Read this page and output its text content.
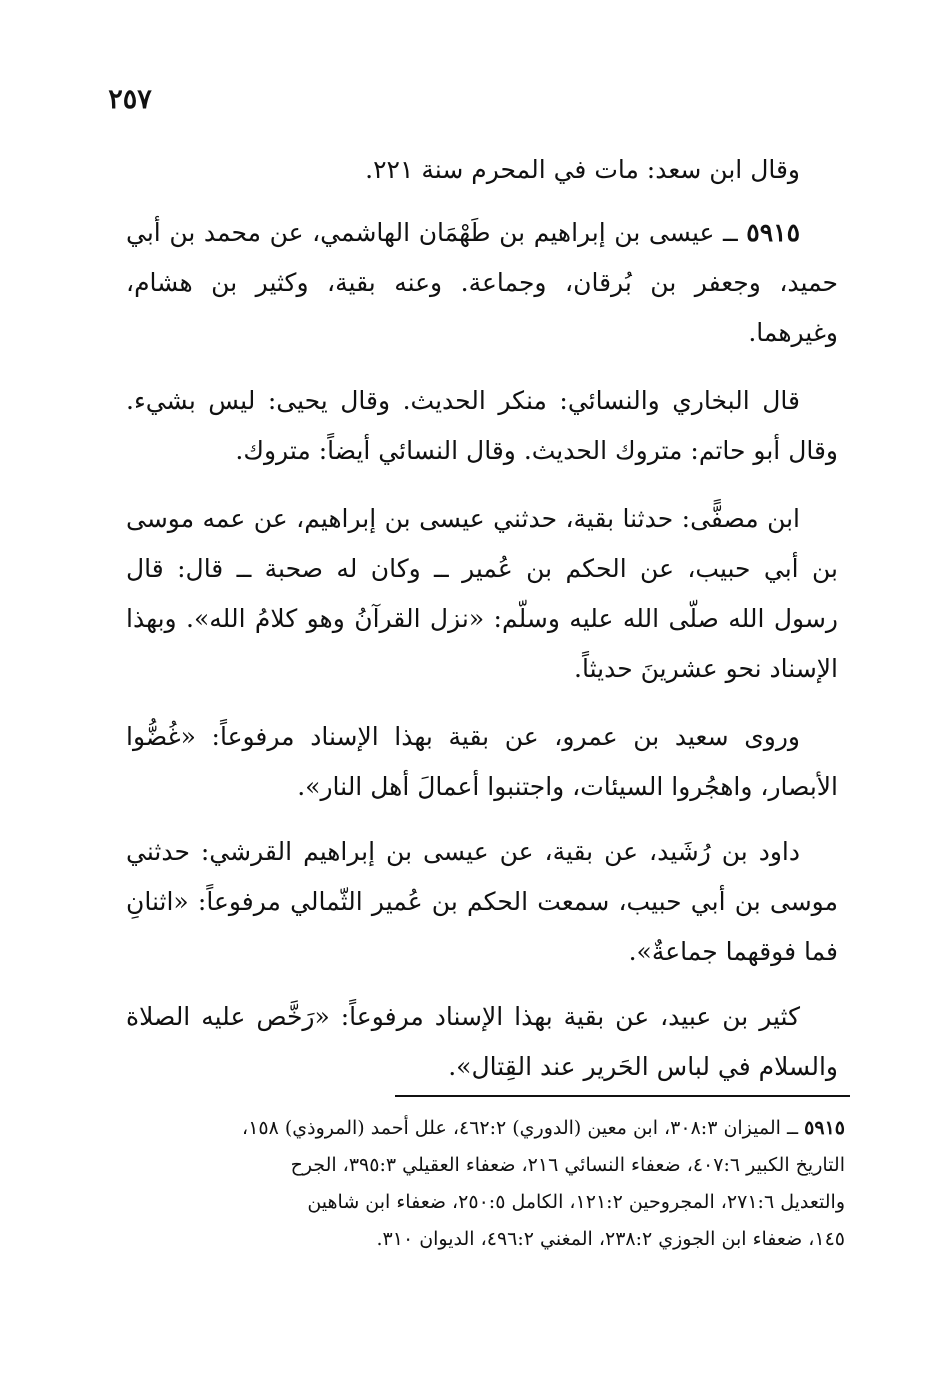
٢٥٧

وقال ابن سعد: مات في المحرم سنة ٢٢١.

٥٩١٥ ــ عيسى بن إبراهيم بن طَهْمَان الهاشمي، عن محمد بن أبي حميد، وجعفر بن بُرقان، وجماعة. وعنه بقية، وكثير بن هشام، وغيرهما.

قال البخاري والنسائي: منكر الحديث. وقال يحيى: ليس بشيء. وقال أبو حاتم: متروك الحديث. وقال النسائي أيضاً: متروك.

ابن مصفًّى: حدثنا بقية، حدثني عيسى بن إبراهيم، عن عمه موسى بن أبي حبيب، عن الحكم بن عُمير ــ وكان له صحبة ــ قال: قال رسول الله صلّى الله عليه وسلّم: «نزل القرآنُ وهو كلامُ الله». وبهذا الإسناد نحو عشرينَ حديثاً.

وروى سعيد بن عمرو، عن بقية بهذا الإسناد مرفوعاً: «غُضُّوا الأبصار، واهجُروا السيئات، واجتنبوا أعمالَ أهل النار».

داود بن رُشَيد، عن بقية، عن عيسى بن إبراهيم القرشي: حدثني موسى بن أبي حبيب، سمعت الحكم بن عُمير الثّمالي مرفوعاً: «اثنانِ فما فوقهما جماعةٌ».

كثير بن عبيد، عن بقية بهذا الإسناد مرفوعاً: «رَخَّص عليه الصلاة والسلام في لباس الحَرير عند القِتال».

٥٩١٥ ــ الميزان ٣٠٨:٣، ابن معين (الدوري) ٤٦٢:٢، علل أحمد (المروذي) ١٥٨،

التاريخ الكبير ٤٠٧:٦، ضعفاء النسائي ٢١٦، ضعفاء العقيلي ٣٩٥:٣، الجرح

والتعديل ٢٧١:٦، المجروحين ١٢١:٢، الكامل ٢٥٠:٥، ضعفاء ابن شاهين

١٤٥، ضعفاء ابن الجوزي ٢٣٨:٢، المغني ٤٩٦:٢، الديوان ٣١٠.
